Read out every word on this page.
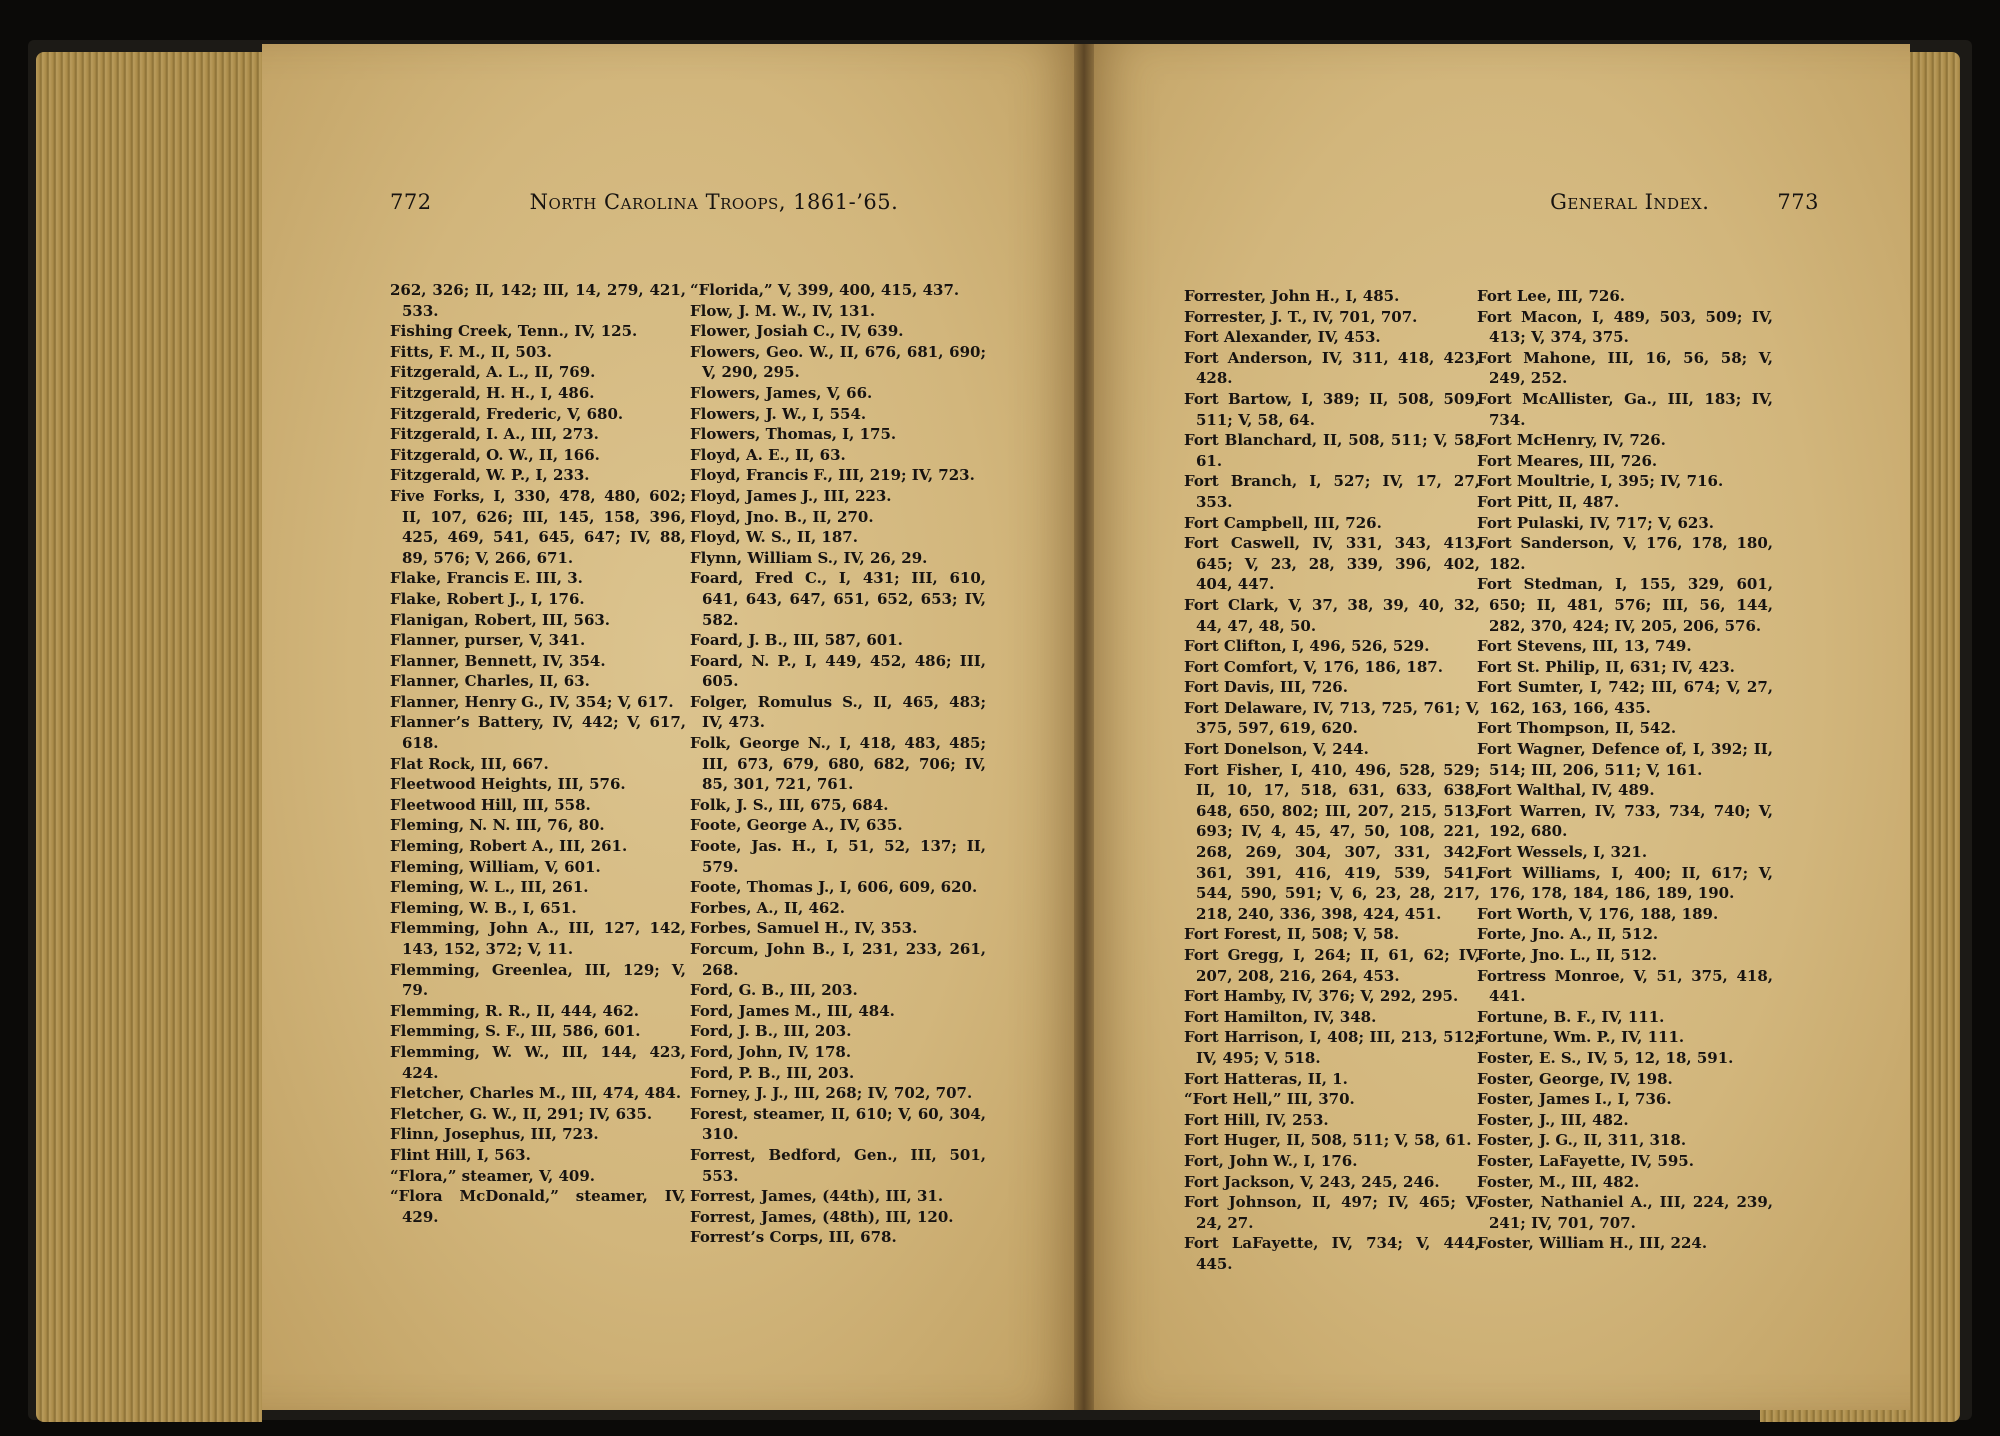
772	North Carolina Troops, 1861-’65.
262, 326; II, 142; III, 14, 279, 421, 533.
Fishing Creek, Tenn., IV, 125.
Fitts, F. M., II, 503.
Fitzgerald, A. L., II, 769.
Fitzgerald, H. H., I, 486.
Fitzgerald, Frederic, V, 680.
Fitzgerald, I. A., III, 273.
Fitzgerald, O. W., II, 166.
Fitzgerald, W. P., I, 233.
Five Forks, I, 330, 478, 480, 602; II, 107, 626; III, 145, 158, 396, 425, 469, 541, 645, 647; IV, 88, 89, 576; V, 266, 671.
Flake, Francis E. III, 3.
Flake, Robert J., I, 176.
Flanigan, Robert, III, 563.
Flanner, purser, V, 341.
Flanner, Bennett, IV, 354.
Flanner, Charles, II, 63.
Flanner, Henry G., IV, 354; V, 617.
Flanner’s Battery, IV, 442; V, 617, 618.
Flat Rock, III, 667.
Fleetwood Heights, III, 576.
Fleetwood Hill, III, 558.
Fleming, N. N. III, 76, 80.
Fleming, Robert A., III, 261.
Fleming, William, V, 601.
Fleming, W. L., III, 261.
Fleming, W. B., I, 651.
Flemming, John A., III, 127, 142, 143, 152, 372; V, 11.
Flemming, Greenlea, III, 129; V, 79.
Flemming, R. R., II, 444, 462.
Flemming, S. F., III, 586, 601.
Flemming, W. W., III, 144, 423, 424.
Fletcher, Charles M., III, 474, 484.
Fletcher, G. W., II, 291; IV, 635.
Flinn, Josephus, III, 723.
Flint Hill, I, 563.
“Flora,” steamer, V, 409.
“Flora McDonald,” steamer, IV, 429.
“Florida,” V, 399, 400, 415, 437.
Flow, J. M. W., IV, 131.
Flower, Josiah C., IV, 639.
Flowers, Geo. W., II, 676, 681, 690; V, 290, 295.
Flowers, James, V, 66.
Flowers, J. W., I, 554.
Flowers, Thomas, I, 175.
Floyd, A. E., II, 63.
Floyd, Francis F., III, 219; IV, 723.
Floyd, James J., III, 223.
Floyd, Jno. B., II, 270.
Floyd, W. S., II, 187.
Flynn, William S., IV, 26, 29.
Foard, Fred C., I, 431; III, 610, 641, 643, 647, 651, 652, 653; IV, 582.
Foard, J. B., III, 587, 601.
Foard, N. P., I, 449, 452, 486; III, 605.
Folger, Romulus S., II, 465, 483; IV, 473.
Folk, George N., I, 418, 483, 485; III, 673, 679, 680, 682, 706; IV, 85, 301, 721, 761.
Folk, J. S., III, 675, 684.
Foote, George A., IV, 635.
Foote, Jas. H., I, 51, 52, 137; II, 579.
Foote, Thomas J., I, 606, 609, 620.
Forbes, A., II, 462.
Forbes, Samuel H., IV, 353.
Forcum, John B., I, 231, 233, 261, 268.
Ford, G. B., III, 203.
Ford, James M., III, 484.
Ford, J. B., III, 203.
Ford, John, IV, 178.
Ford, P. B., III, 203.
Forney, J. J., III, 268; IV, 702, 707.
Forest, steamer, II, 610; V, 60, 304, 310.
Forrest, Bedford, Gen., III, 501, 553.
Forrest, James, (44th), III, 31.
Forrest, James, (48th), III, 120.
Forrest’s Corps, III, 678.
General Index.	773
Forrester, John H., I, 485.
Forrester, J. T., IV, 701, 707.
Fort Alexander, IV, 453.
Fort Anderson, IV, 311, 418, 423, 428.
Fort Bartow, I, 389; II, 508, 509, 511; V, 58, 64.
Fort Blanchard, II, 508, 511; V, 58, 61.
Fort Branch, I, 527; IV, 17, 27, 353.
Fort Campbell, III, 726.
Fort Caswell, IV, 331, 343, 413, 645; V, 23, 28, 339, 396, 402, 404, 447.
Fort Clark, V, 37, 38, 39, 40, 32, 44, 47, 48, 50.
Fort Clifton, I, 496, 526, 529.
Fort Comfort, V, 176, 186, 187.
Fort Davis, III, 726.
Fort Delaware, IV, 713, 725, 761; V, 375, 597, 619, 620.
Fort Donelson, V, 244.
Fort Fisher, I, 410, 496, 528, 529; II, 10, 17, 518, 631, 633, 638, 648, 650, 802; III, 207, 215, 513, 693; IV, 4, 45, 47, 50, 108, 221, 268, 269, 304, 307, 331, 342, 361, 391, 416, 419, 539, 541, 544, 590, 591; V, 6, 23, 28, 217, 218, 240, 336, 398, 424, 451.
Fort Forest, II, 508; V, 58.
Fort Gregg, I, 264; II, 61, 62; IV, 207, 208, 216, 264, 453.
Fort Hamby, IV, 376; V, 292, 295.
Fort Hamilton, IV, 348.
Fort Harrison, I, 408; III, 213, 512; IV, 495; V, 518.
Fort Hatteras, II, 1.
“Fort Hell,” III, 370.
Fort Hill, IV, 253.
Fort Huger, II, 508, 511; V, 58, 61.
Fort, John W., I, 176.
Fort Jackson, V, 243, 245, 246.
Fort Johnson, II, 497; IV, 465; V, 24, 27.
Fort LaFayette, IV, 734; V, 444, 445.
Fort Lee, III, 726.
Fort Macon, I, 489, 503, 509; IV, 413; V, 374, 375.
Fort Mahone, III, 16, 56, 58; V, 249, 252.
Fort McAllister, Ga., III, 183; IV, 734.
Fort McHenry, IV, 726.
Fort Meares, III, 726.
Fort Moultrie, I, 395; IV, 716.
Fort Pitt, II, 487.
Fort Pulaski, IV, 717; V, 623.
Fort Sanderson, V, 176, 178, 180, 182.
Fort Stedman, I, 155, 329, 601, 650; II, 481, 576; III, 56, 144, 282, 370, 424; IV, 205, 206, 576.
Fort Stevens, III, 13, 749.
Fort St. Philip, II, 631; IV, 423.
Fort Sumter, I, 742; III, 674; V, 27, 162, 163, 166, 435.
Fort Thompson, II, 542.
Fort Wagner, Defence of, I, 392; II, 514; III, 206, 511; V, 161.
Fort Walthal, IV, 489.
Fort Warren, IV, 733, 734, 740; V, 192, 680.
Fort Wessels, I, 321.
Fort Williams, I, 400; II, 617; V, 176, 178, 184, 186, 189, 190.
Fort Worth, V, 176, 188, 189.
Forte, Jno. A., II, 512.
Forte, Jno. L., II, 512.
Fortress Monroe, V, 51, 375, 418, 441.
Fortune, B. F., IV, 111.
Fortune, Wm. P., IV, 111.
Foster, E. S., IV, 5, 12, 18, 591.
Foster, George, IV, 198.
Foster, James I., I, 736.
Foster, J., III, 482.
Foster, J. G., II, 311, 318.
Foster, LaFayette, IV, 595.
Foster, M., III, 482.
Foster, Nathaniel A., III, 224, 239, 241; IV, 701, 707.
Foster, William H., III, 224.
